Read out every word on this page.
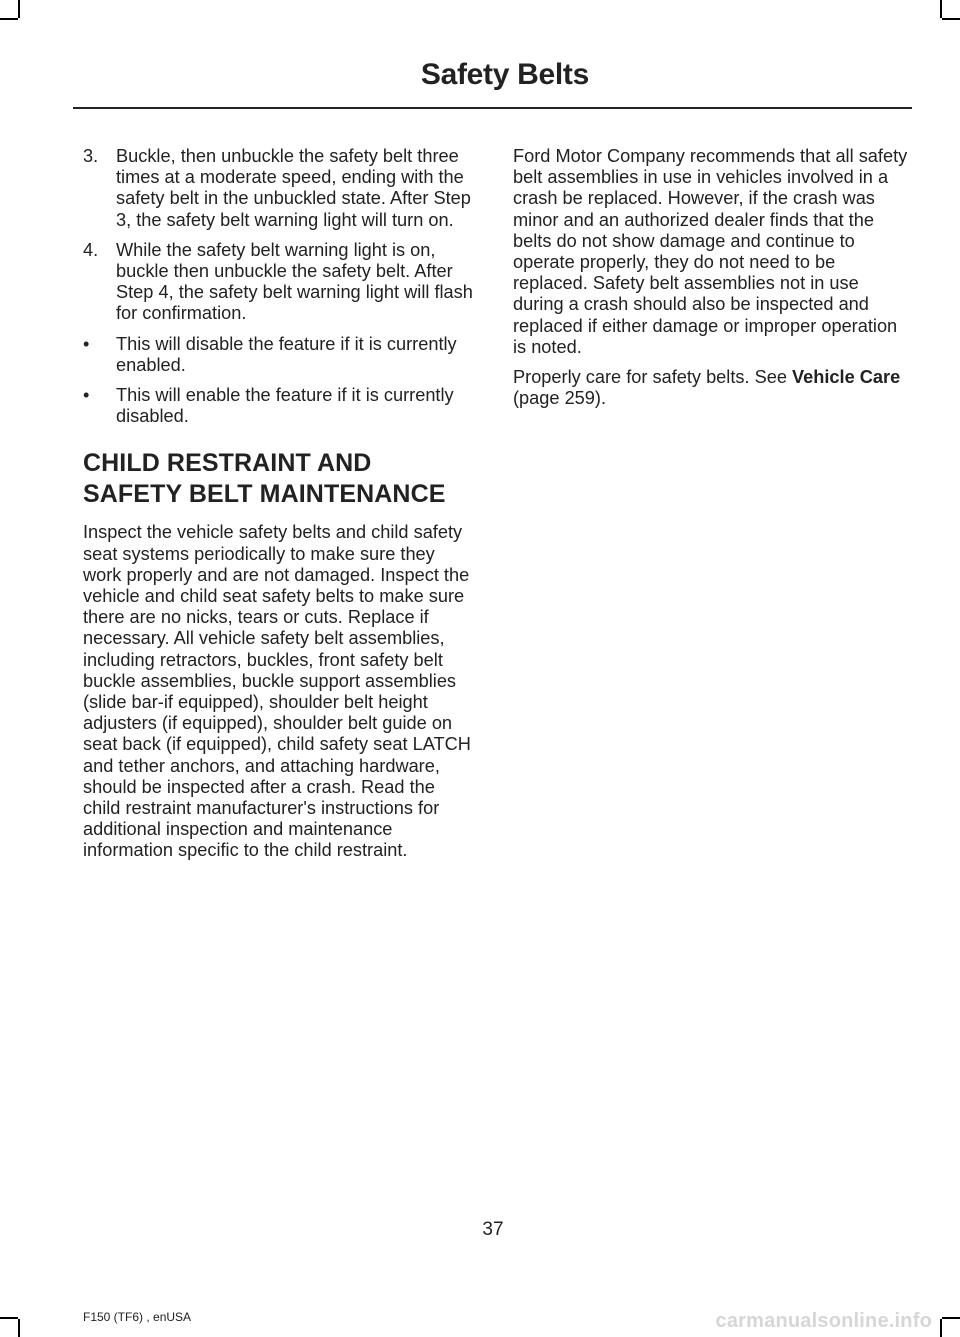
Safety Belts
3. Buckle, then unbuckle the safety belt three times at a moderate speed, ending with the safety belt in the unbuckled state. After Step 3, the safety belt warning light will turn on.
4. While the safety belt warning light is on, buckle then unbuckle the safety belt. After Step 4, the safety belt warning light will flash for confirmation.
•	This will disable the feature if it is currently enabled.
•	This will enable the feature if it is currently disabled.
CHILD RESTRAINT AND SAFETY BELT MAINTENANCE

Inspect the vehicle safety belts and child safety seat systems periodically to make sure they work properly and are not damaged. Inspect the vehicle and child seat safety belts to make sure there are no nicks, tears or cuts. Replace if necessary. All vehicle safety belt assemblies, including retractors, buckles, front safety belt buckle assemblies, buckle support assemblies (slide bar-if equipped), shoulder belt height adjusters (if equipped), shoulder belt guide on seat back (if equipped), child safety seat LATCH and tether anchors, and attaching hardware, should be inspected after a crash. Read the child restraint manufacturer's instructions for additional inspection and maintenance information specific to the child restraint.

Ford Motor Company recommends that all safety belt assemblies in use in vehicles involved in a crash be replaced. However, if the crash was minor and an authorized dealer finds that the belts do not show damage and continue to operate properly, they do not need to be replaced. Safety belt assemblies not in use during a crash should also be inspected and replaced if either damage or improper operation is noted.

Properly care for safety belts. See Vehicle Care (page 259).

37
F150 (TF6) , enUSA	carmanualsonline.info
